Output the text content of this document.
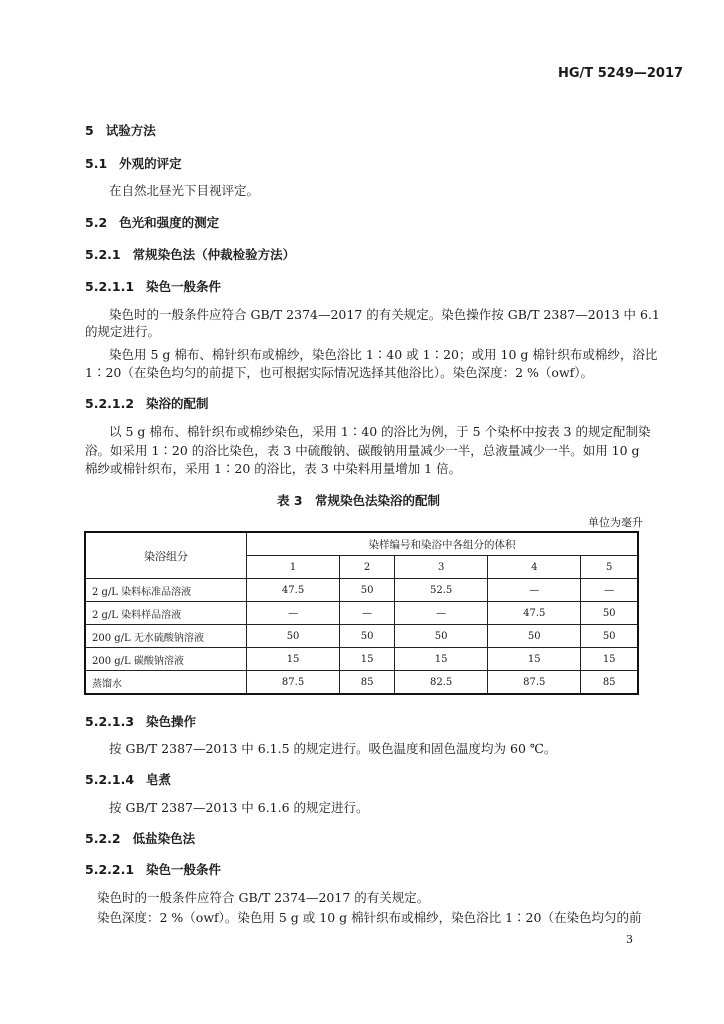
HG/T 5249—2017
5 试验方法
5.1 外观的评定
在自然北昼光下目视评定。
5.2 色光和强度的测定
5.2.1 常规染色法（仲裁检验方法）
5.2.1.1 染色一般条件
染色时的一般条件应符合 GB/T 2374—2017 的有关规定。染色操作按 GB/T 2387—2013 中 6.1
的规定进行。
染色用 5 g 棉布、棉针织布或棉纱，染色浴比 1∶40 或 1∶20；或用 10 g 棉针织布或棉纱，浴比
1∶20（在染色均匀的前提下，也可根据实际情况选择其他浴比）。染色深度：2 %（owf）。
5.2.1.2 染浴的配制
以 5 g 棉布、棉针织布或棉纱染色，采用 1∶40 的浴比为例，于 5 个染杯中按表 3 的规定配制染
浴。如采用 1∶20 的浴比染色，表 3 中硫酸钠、碳酸钠用量减少一半，总液量减少一半。如用 10 g
棉纱或棉针织布，采用 1∶20 的浴比，表 3 中染料用量增加 1 倍。
表 3　常规染色法染浴的配制
单位为毫升
染浴组分	染样编号和染浴中各组分的体积				
	1	2	3	4	5
2 g/L 染料标准品溶液	47.5	50	52.5	—	—
2 g/L 染料样品溶液	—	—	—	47.5	50
200 g/L 无水硫酸钠溶液	50	50	50	50	50
200 g/L 碳酸钠溶液	15	15	15	15	15
蒸馏水	87.5	85	82.5	87.5	85
5.2.1.3 染色操作
按 GB/T 2387—2013 中 6.1.5 的规定进行。吸色温度和固色温度均为 60 ℃。
5.2.1.4 皂煮
按 GB/T 2387—2013 中 6.1.6 的规定进行。
5.2.2 低盐染色法
5.2.2.1 染色一般条件
染色时的一般条件应符合 GB/T 2374—2017 的有关规定。
染色深度：2 %（owf）。染色用 5 g 或 10 g 棉针织布或棉纱，染色浴比 1∶20（在染色均匀的前
3
